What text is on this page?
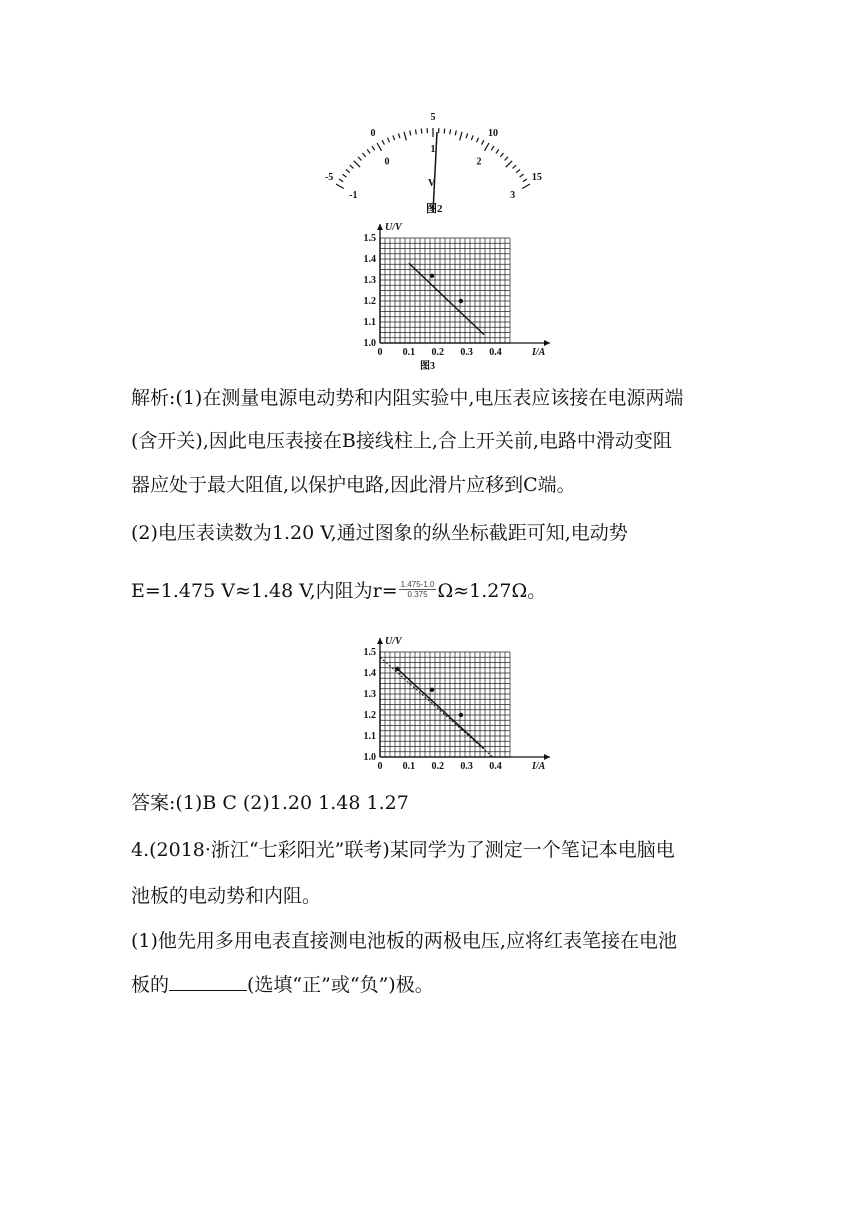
-5
0
5
10
15
-1
0
1
2
3
V
图2
U/V
I/A
1.5
1.4
1.3
1.2
1.1
1.0
0 0.1 0.2 0.3 0.4
图3
解析:(1)在测量电源电动势和内阻实验中,电压表应该接在电源两端
(含开关),因此电压表接在B接线柱上,合上开关前,电路中滑动变阻
器应处于最大阻值,以保护电路,因此滑片应移到C端。
(2)电压表读数为1.20 V,通过图象的纵坐标截距可知,电动势
E=1.475 V≈1.48 V,内阻为$r= \frac{1.475-1.0}{0.375} \Omega\approx 1.27\Omega$。
U/V
I/A
1.5
1.4
1.3
1.2
1.1
1.0
0 0.1 0.2 0.3 0.4
答案:(1)B C (2)1.20 1.48 1.27
4.(2018·浙江“七彩阳光”联考)某同学为了测定一个笔记本电脑电
池板的电动势和内阻。
(1)他先用多用电表直接测电池板的两极电压,应将红表笔接在电池
板的	(选填“正”或“负”)极。
